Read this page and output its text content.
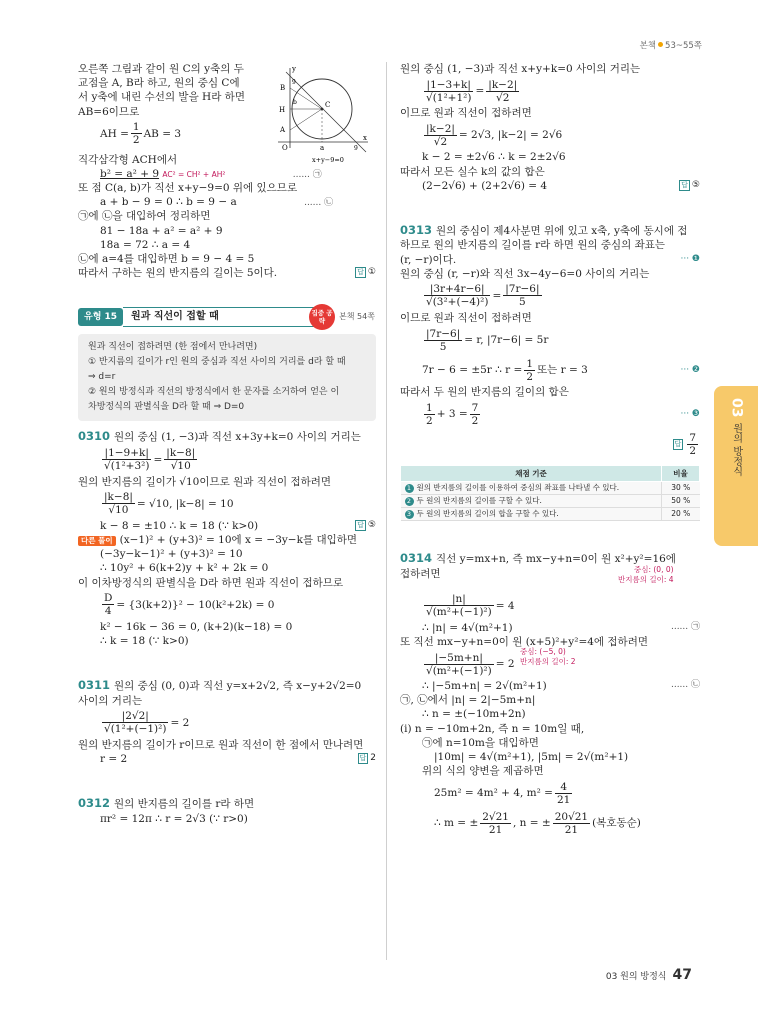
본책 53~55쪽
y
B
H
A
O	a
C
b
9
9
x
x+y−9=0
오른쪽 그림과 같이 원 C의 y축의 두
교점을 A, B라 하고, 원의 중심 C에
서 y축에 내린 수선의 발을 H라 하면
AB=6이므로
AH = $\frac{1}{2}$ AB = 3
직각삼각형 ACH에서
b² = a² + 9 AC² = CH² + AH²	...... ㉠
또 점 C(a, b)가 직선 x+y−9=0 위에 있으므로
a + b − 9 = 0 ∴ b = 9 − a	...... ㉡
㉠에 ㉡을 대입하여 정리하면
81 − 18a + a² = a² + 9
18a = 72 ∴ a = 4
㉡에 a=4를 대입하면 b = 9 − 4 = 5
따라서 구하는 원의 반지름의 길이는 5이다.	답 ①
유형 15	원과 직선이 접할 때	집중 공략
본책 54쪽
원과 직선이 접하려면 (한 점에서 만나려면)
① 반지름의 길이가 r인 원의 중심과 직선 사이의 거리를 d라 할 때
⇒ d=r
② 원의 방정식과 직선의 방정식에서 한 문자를 소거하여 얻은 이
차방정식의 판별식을 D라 할 때 ⇒ D=0
0310 원의 중심 (1, −3)과 직선 x+3y+k=0 사이의 거리는
$\frac{|1-9+k|}{\text{√(1²+3²)}} = \frac{|k-8|}{√10}$
원의 반지름의 길이가 √10이므로 원과 직선이 접하려면
$\frac{|k-8|}{√10} = √10$, |k−8| = 10
k − 8 = ±10 ∴ k = 18 (∵ k>0)	답 ⑤
다른 풀이 (x−1)² + (y+3)² = 10에 x = −3y−k를 대입하면
(−3y−k−1)² + (y+3)² = 10
∴ 10y² + 6(k+2)y + k² + 2k = 0
이 이차방정식의 판별식을 D라 하면 원과 직선이 접하므로
$\frac{D}{4} = \{3(k+2)\}^2 - 10(k^2+2k) = 0$
k² − 16k − 36 = 0, (k+2)(k−18) = 0
∴ k = 18 (∵ k>0)
0311 원의 중심 (0, 0)과 직선 y=x+2√2, 즉 x−y+2√2=0
사이의 거리는
$\frac{|2√2|}{\text{√(1²+(−1)²)}} = 2$
원의 반지름의 길이가 r이므로 원과 직선이 한 점에서 만나려면
r = 2	답 2
0312 원의 반지름의 길이를 r라 하면
πr² = 12π ∴ r = 2√3 (∵ r>0)
원의 중심 (1, −3)과 직선 x+y+k=0 사이의 거리는
$\frac{|1-3+k|}{\text{√(1²+1²)}} = \frac{|k-2|}{√2}$
이므로 원과 직선이 접하려면
$\frac{|k-2|}{√2} = 2√3$, |k−2| = 2√6
k − 2 = ±2√6 ∴ k = 2±2√6
따라서 모든 실수 k의 값의 합은
(2−2√6) + (2+2√6) = 4	답 ⑤
0313 원의 중심이 제4사분면 위에 있고 x축, y축에 동시에 접
하므로 원의 반지름의 길이를 r라 하면 원의 중심의 좌표는
(r, −r)이다.	··· ❶
원의 중심 (r, −r)와 직선 3x−4y−6=0 사이의 거리는
$\frac{|3r+4r-6|}{\text{√(3²+(−4)²)}} = \frac{|7r-6|}{5}$
이므로 원과 직선이 접하려면
$\frac{|7r-6|}{5} = r$, |7r−6| = 5r
7r − 6 = ±5r ∴ $r = \frac{1}{2}$ 또는 r = 3	··· ❷
따라서 두 원의 반지름의 길이의 합은
$\frac{1}{2} + 3 = \frac{7}{2}$	··· ❸
답 $\frac{7}{2}$
채점 기준	비율
1 원의 반지름의 길이를 이용하여 중심의 좌표를 나타낼 수 있다.	30 %
2 두 원의 반지름의 길이를 구할 수 있다.	50 %
3 두 원의 반지름의 길이의 합을 구할 수 있다.	20 %
0314 직선 y=mx+n, 즉 mx−y+n=0이 원 x²+y²=16에
접하려면	중심: (0, 0)
반지름의 길이: 4
$\frac{|n|}{\text{√(m²+(−1)²)}} = 4$
∴ |n| = 4√(m²+1)	...... ㉠
또 직선 mx−y+n=0이 원 (x+5)²+y²=4에 접하려면
중심: (−5, 0)
반지름의 길이: 2
$\frac{|-5m+n|}{\text{√(m²+(−1)²)}} = 2$
∴ |−5m+n| = 2√(m²+1)	...... ㉡
㉠, ㉡에서 |n| = 2|−5m+n|
∴ n = ±(−10m+2n)
(i) n = −10m+2n, 즉 n = 10m일 때,
㉠에 n=10m을 대입하면
|10m| = 4√(m²+1), |5m| = 2√(m²+1)
위의 식의 양변을 제곱하면
25m² = 4m² + 4, $m^2 = \frac{4}{21}$
∴ m = ± $\frac{2√21}{21}$ , n = ± $\frac{20√21}{21}$ (복호동순)
03
원의 방정식
03 원의 방정식 47
